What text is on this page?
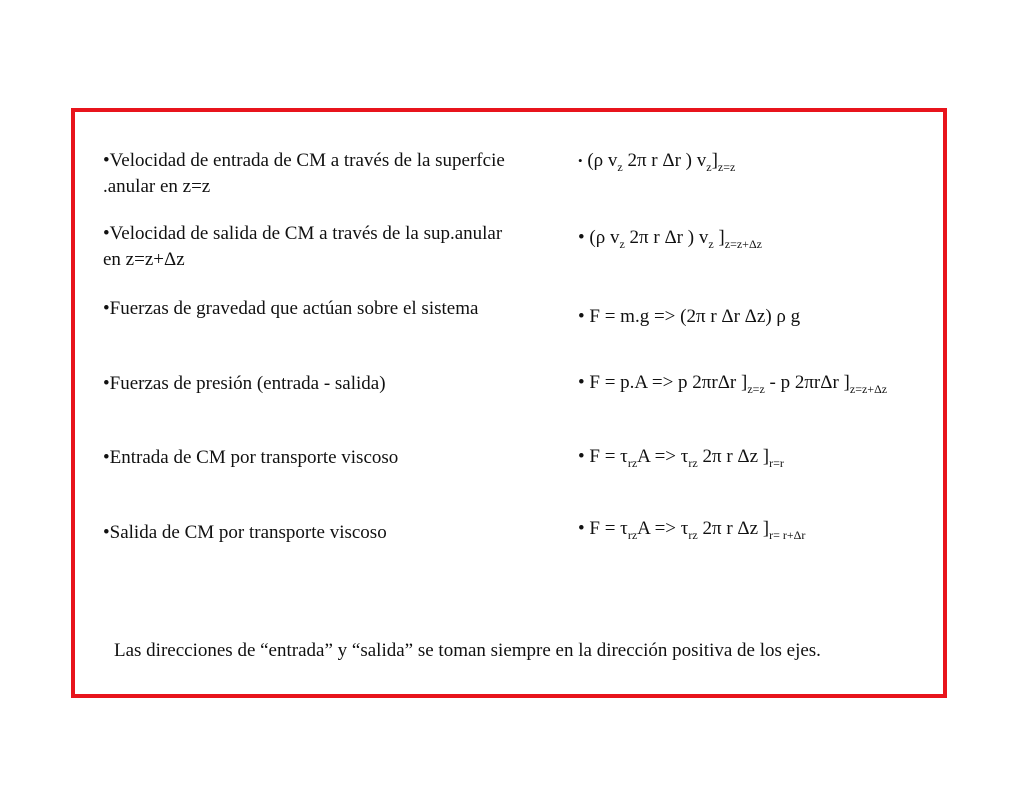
•Velocidad de entrada de CM a través de la superfcie
.anular en z=z
•Velocidad de salida de CM a través de la sup.anular
en z=z+Δz
•Fuerzas de gravedad que actúan sobre el sistema
•Fuerzas de presión (entrada - salida)
•Entrada de CM por transporte viscoso
•Salida de CM por transporte viscoso
• (ρ $v_z$ 2π r Δr ) $v_z]_{z=z}$
• (ρ $v_z$ 2π r Δr ) $v_z$ ]$_{z=z+\Delta z}$
• F = m.g => (2π r Δr Δz) ρ g
• F = p.A => p 2πrΔr ]$_{z=z}$ - p 2πrΔr ]$_{z=z+\Delta z}$
• $F = \tau_{rz}A => \tau_{rz}$ 2π r Δz ]$_{r=r}$
• $F = \tau_{rz}A => \tau_{rz}$ 2π r Δz ]$_{r= r+\Delta r}$
Las direcciones de “entrada” y “salida” se toman siempre en la dirección positiva de los ejes.
